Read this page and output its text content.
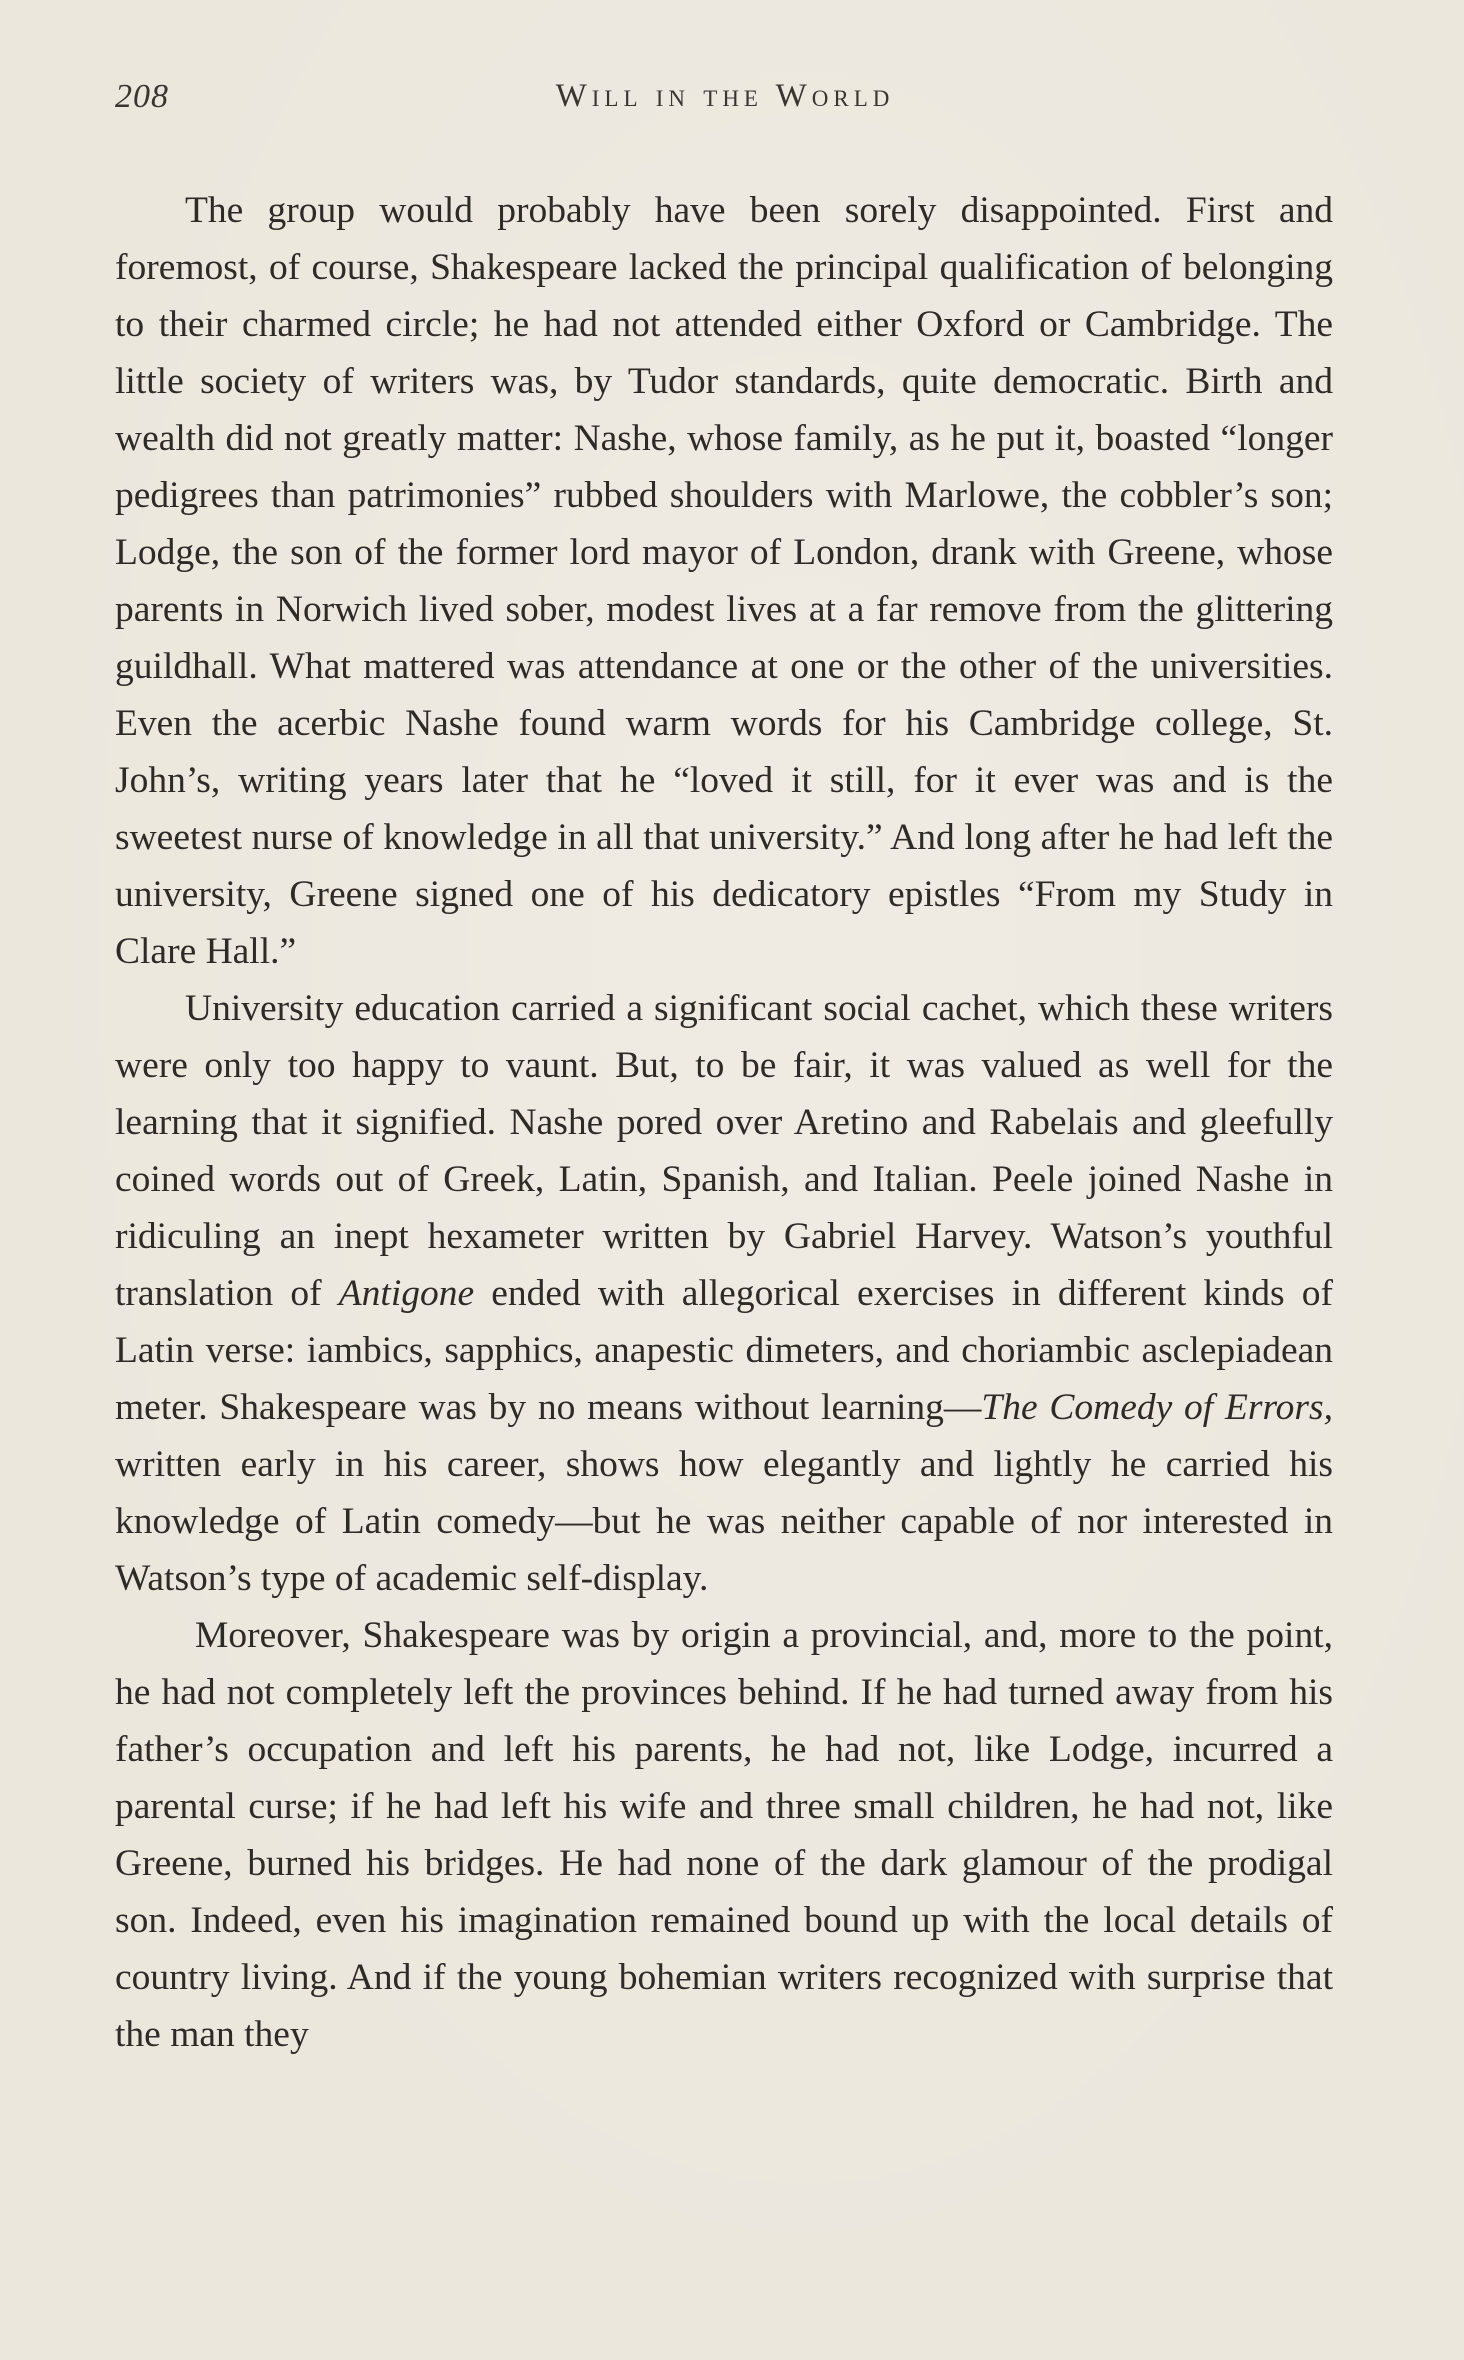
208	Will in the World

The group would probably have been sorely disappointed. First and foremost, of course, Shakespeare lacked the principal qualification of belonging to their charmed circle; he had not attended either Oxford or Cambridge. The little society of writers was, by Tudor standards, quite democratic. Birth and wealth did not greatly matter: Nashe, whose family, as he put it, boasted “longer pedigrees than patrimonies” rubbed shoulders with Marlowe, the cobbler’s son; Lodge, the son of the former lord mayor of London, drank with Greene, whose parents in Norwich lived sober, modest lives at a far remove from the glittering guildhall. What mattered was attendance at one or the other of the universities. Even the acerbic Nashe found warm words for his Cambridge college, St. John’s, writing years later that he “loved it still, for it ever was and is the sweetest nurse of knowledge in all that university.” And long after he had left the university, Greene signed one of his dedicatory epistles “From my Study in Clare Hall.”

University education carried a significant social cachet, which these writers were only too happy to vaunt. But, to be fair, it was valued as well for the learning that it signified. Nashe pored over Aretino and Rabelais and gleefully coined words out of Greek, Latin, Spanish, and Italian. Peele joined Nashe in ridiculing an inept hexameter written by Gabriel Harvey. Watson’s youthful translation of Antigone ended with allegorical exercises in different kinds of Latin verse: iambics, sapphics, anapestic dimeters, and choriambic asclepiadean meter. Shakespeare was by no means without learning—The Comedy of Errors, written early in his career, shows how elegantly and lightly he carried his knowledge of Latin comedy—but he was neither capable of nor interested in Watson’s type of academic self-display.

Moreover, Shakespeare was by origin a provincial, and, more to the point, he had not completely left the provinces behind. If he had turned away from his father’s occupation and left his parents, he had not, like Lodge, incurred a parental curse; if he had left his wife and three small children, he had not, like Greene, burned his bridges. He had none of the dark glamour of the prodigal son. Indeed, even his imagination remained bound up with the local details of country living. And if the young bohemian writers recognized with surprise that the man they
